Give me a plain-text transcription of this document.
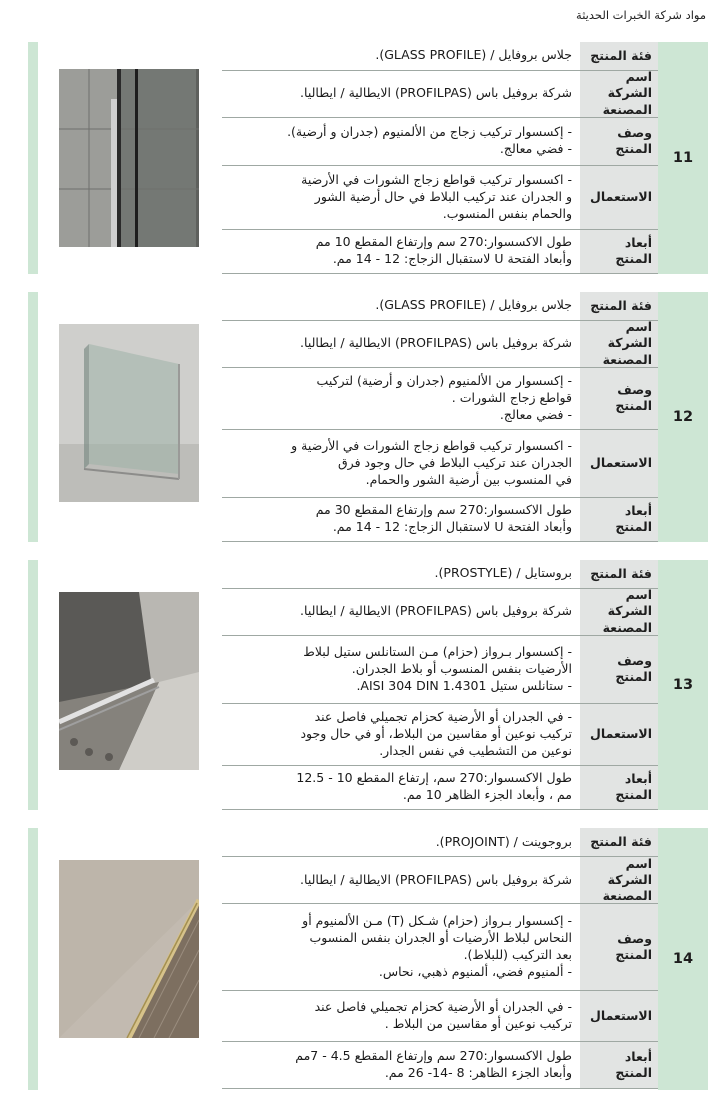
مواد شركة الخبرات الحديثة
11
فئة المنتج
جلاس بروفايل / (GLASS PROFILE).
اسم الشركة المصنعة
شركة بروفيل باس (PROFILPAS) الايطالية / ايطاليا.
وصف المنتج
- إكسسوار تركيب زجاج من الألمنيوم (جدران و أرضية).
- فضي معالج.
الاستعمال
- اكسسوار تركيب قواطع زجاج الشورات في الأرضية
و الجدران عند تركيب البلاط في حال أرضية الشور
والحمام بنفس المنسوب.
أبعاد المنتج
طول الاكسسوار:270 سم وإرتفاع المقطع 10 مم
وأبعاد الفتحة U لاستقبال الزجاج: 12 - 14 مم.
12
فئة المنتج
جلاس بروفايل / (GLASS PROFILE).
اسم الشركة المصنعة
شركة بروفيل باس (PROFILPAS) الايطالية / ايطاليا.
وصف المنتج
- إكسسوار من الألمنيوم (جدران و أرضية) لتركيب
قواطع زجاج الشورات .
- فضي معالج.
الاستعمال
- اكسسوار تركيب قواطع زجاج الشورات في الأرضية و
الجدران عند تركيب البلاط في حال وجود فرق
في المنسوب بين أرضية الشور والحمام.
أبعاد المنتج
طول الاكسسوار:270 سم وإرتفاع المقطع 30 مم
وأبعاد الفتحة U لاستقبال الزجاج: 12 - 14 مم.
13
فئة المنتج
بروستايل / (PROSTYLE).
اسم الشركة المصنعة
شركة بروفيل باس (PROFILPAS) الايطالية / ايطاليا.
وصف المنتج
- إكسسوار بـرواز (حزام) مـن الستانلس ستيل لبلاط
الأرضيات بنفس المنسوب أو بلاط الجدران.
- ستانلس ستيل AISI 304 DIN 1.4301.
الاستعمال
- في الجدران أو الأرضية كحزام تجميلي فاصل عند
تركيب نوعين أو مقاسين من البلاط، أو في حال وجود
نوعين من التشطيب في نفس الجدار.
أبعاد المنتج
طول الاكسسوار:270 سم، إرتفاع المقطع 10 - 12.5
مم ، وأبعاد الجزء الظاهر 10 مم.
14
فئة المنتج
بروجوينت / (PROJOINT).
اسم الشركة المصنعة
شركة بروفيل باس (PROFILPAS) الايطالية / ايطاليا.
وصف المنتج
- إكسسوار بـرواز (حزام) شـكل (T) مـن الألمنيوم أو
النحاس لبلاط الأرضيات أو الجدران بنفس المنسوب
بعد التركيب (للبلاط).
- ألمنيوم فضي، ألمنيوم ذهبي، نحاس.
الاستعمال
- في الجدران أو الأرضية كحزام تجميلي فاصل عند
تركيب نوعين أو مقاسين من البلاط .
أبعاد المنتج
طول الاكسسوار:270 سم وإرتفاع المقطع 4.5 - 7مم
وأبعاد الجزء الظاهر: 8 -14- 26 مم.
